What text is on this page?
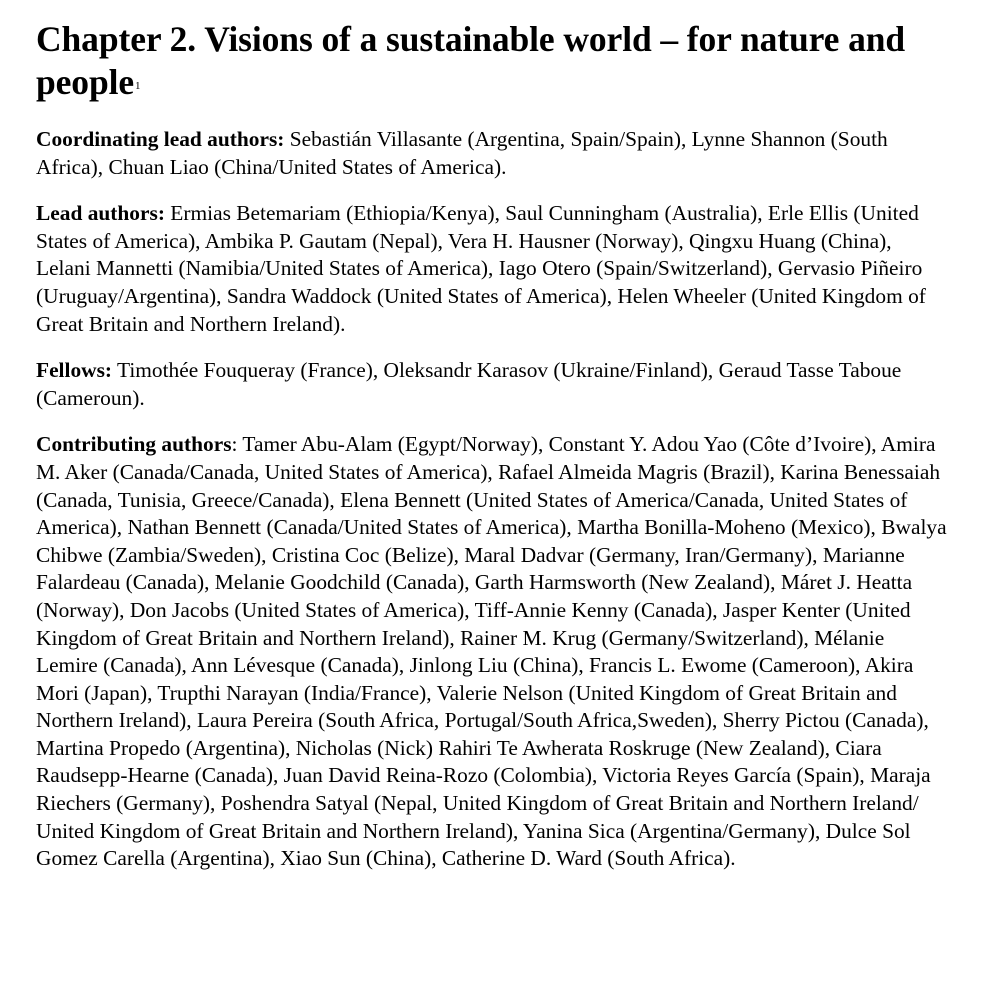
Chapter 2. Visions of a sustainable world – for nature and people$^1$

Coordinating lead authors: Sebastián Villasante (Argentina, Spain/Spain), Lynne Shannon (South Africa), Chuan Liao (China/United States of America).

Lead authors: Ermias Betemariam (Ethiopia/Kenya), Saul Cunningham (Australia), Erle Ellis (United States of America), Ambika P. Gautam (Nepal), Vera H. Hausner (Norway), Qingxu Huang (China), Lelani Mannetti (Namibia/United States of America), Iago Otero (Spain/Switzerland), Gervasio Piñeiro (Uruguay/Argentina), Sandra Waddock (United States of America), Helen Wheeler (United Kingdom of Great Britain and Northern Ireland).

Fellows: Timothée Fouqueray (France), Oleksandr Karasov (Ukraine/Finland), Geraud Tasse Taboue (Cameroun).

Contributing authors: Tamer Abu-Alam (Egypt/Norway), Constant Y. Adou Yao (Côte d’Ivoire), Amira M. Aker (Canada/Canada, United States of America), Rafael Almeida Magris (Brazil), Karina Benessaiah (Canada, Tunisia, Greece/Canada), Elena Bennett (United States of America/Canada, United States of America), Nathan Bennett (Canada/United States of America), Martha Bonilla-Moheno (Mexico), Bwalya Chibwe (Zambia/Sweden), Cristina Coc (Belize), Maral Dadvar (Germany, Iran/Germany), Marianne Falardeau (Canada), Melanie Goodchild (Canada), Garth Harmsworth (New Zealand), Máret J. Heatta (Norway), Don Jacobs (United States of America), Tiff-Annie Kenny (Canada), Jasper Kenter (United Kingdom of Great Britain and Northern Ireland), Rainer M. Krug (Germany/Switzerland), Mélanie Lemire (Canada), Ann Lévesque (Canada), Jinlong Liu (China), Francis L. Ewome (Cameroon), Akira Mori (Japan), Trupthi Narayan (India/France), Valerie Nelson (United Kingdom of Great Britain and Northern Ireland), Laura Pereira (South Africa, Portugal/South Africa,Sweden), Sherry Pictou (Canada), Martina Propedo (Argentina), Nicholas (Nick) Rahiri Te Awherata Roskruge (New Zealand), Ciara Raudsepp-Hearne (Canada), Juan David Reina-Rozo (Colombia), Victoria Reyes García (Spain), Maraja Riechers (Germany), Poshendra Satyal (Nepal, United Kingdom of Great Britain and Northern Ireland/ United Kingdom of Great Britain and Northern Ireland), Yanina Sica (Argentina/Germany), Dulce Sol Gomez Carella (Argentina), Xiao Sun (China), Catherine D. Ward (South Africa).
